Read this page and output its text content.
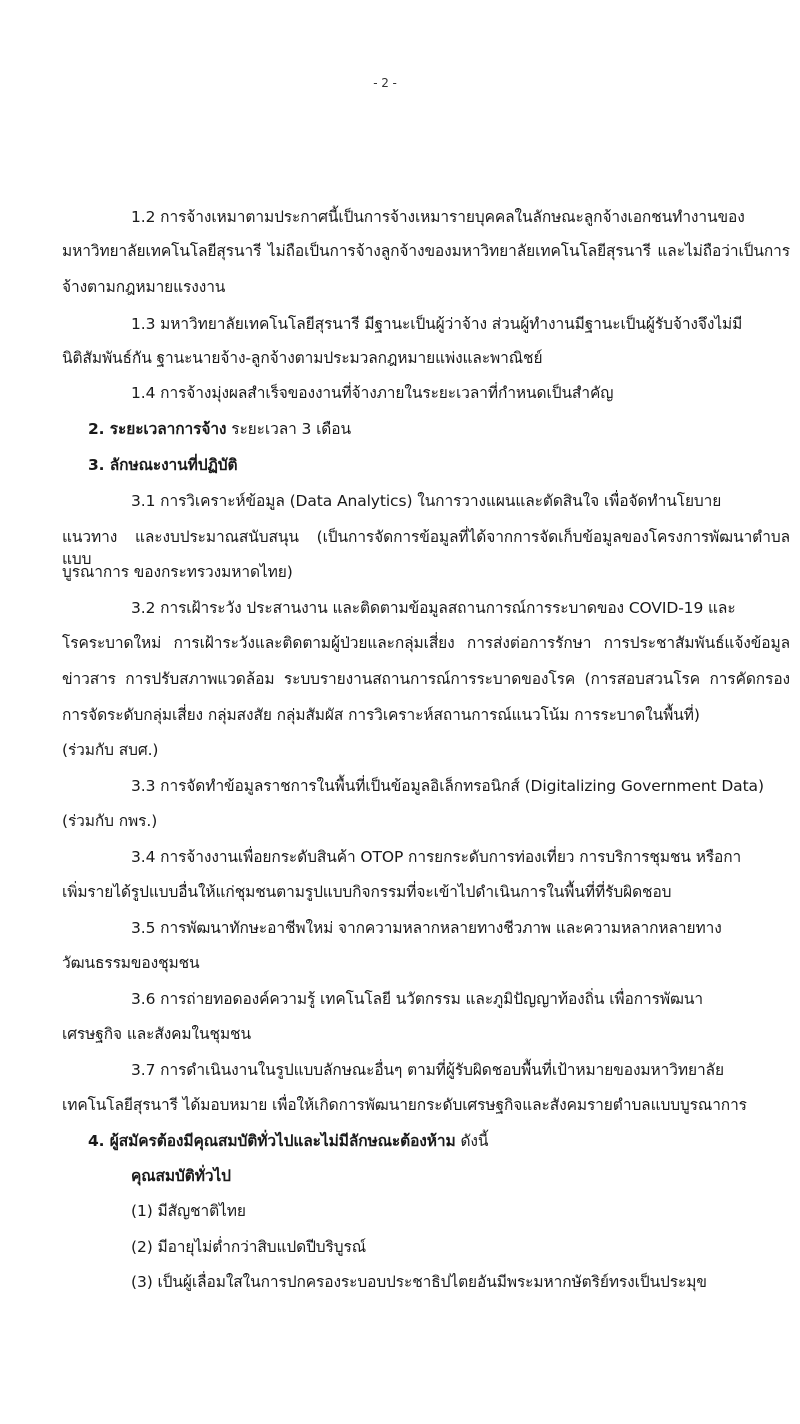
- 2 -
1.2 การจ้างเหมาตามประกาศนี้เป็นการจ้างเหมารายบุคคลในลักษณะลูกจ้างเอกชนทำงานของ
มหาวิทยาลัยเทคโนโลยีสุรนารี ไม่ถือเป็นการจ้างลูกจ้างของมหาวิทยาลัยเทคโนโลยีสุรนารี และไม่ถือว่าเป็นการ
จ้างตามกฎหมายแรงงาน
1.3 มหาวิทยาลัยเทคโนโลยีสุรนารี มีฐานะเป็นผู้ว่าจ้าง ส่วนผู้ทำงานมีฐานะเป็นผู้รับจ้างจึงไม่มี
นิติสัมพันธ์กัน ฐานะนายจ้าง-ลูกจ้างตามประมวลกฎหมายแพ่งและพาณิชย์
1.4 การจ้างมุ่งผลสำเร็จของงานที่จ้างภายในระยะเวลาที่กำหนดเป็นสำคัญ
2. ระยะเวลาการจ้าง ระยะเวลา 3 เดือน
3. ลักษณะงานที่ปฏิบัติ
3.1 การวิเคราะห์ข้อมูล (Data Analytics) ในการวางแผนและตัดสินใจ เพื่อจัดทำนโยบาย
แนวทาง และงบประมาณสนับสนุน (เป็นการจัดการข้อมูลที่ได้จากการจัดเก็บข้อมูลของโครงการพัฒนาตำบลแบบ
บูรณาการ ของกระทรวงมหาดไทย)
3.2 การเฝ้าระวัง ประสานงาน และติดตามข้อมูลสถานการณ์การระบาดของ COVID-19 และ
โรคระบาดใหม่ การเฝ้าระวังและติดตามผู้ป่วยและกลุ่มเสี่ยง การส่งต่อการรักษา การประชาสัมพันธ์แจ้งข้อมูล
ข่าวสาร การปรับสภาพแวดล้อม ระบบรายงานสถานการณ์การระบาดของโรค (การสอบสวนโรค การคัดกรอง
การจัดระดับกลุ่มเสี่ยง กลุ่มสงสัย กลุ่มสัมผัส การวิเคราะห์สถานการณ์แนวโน้ม การระบาดในพื้นที่)
(ร่วมกับ สบศ.)
3.3 การจัดทำข้อมูลราชการในพื้นที่เป็นข้อมูลอิเล็กทรอนิกส์ (Digitalizing Government Data)
(ร่วมกับ กพร.)
3.4 การจ้างงานเพื่อยกระดับสินค้า OTOP การยกระดับการท่องเที่ยว การบริการชุมชน หรือกา
เพิ่มรายได้รูปแบบอื่นให้แก่ชุมชนตามรูปแบบกิจกรรมที่จะเข้าไปดำเนินการในพื้นที่ที่รับผิดชอบ
3.5 การพัฒนาทักษะอาชีพใหม่ จากความหลากหลายทางชีวภาพ และความหลากหลายทาง
วัฒนธรรมของชุมชน
3.6 การถ่ายทอดองค์ความรู้ เทคโนโลยี นวัตกรรม และภูมิปัญญาท้องถิ่น เพื่อการพัฒนา
เศรษฐกิจ และสังคมในชุมชน
3.7 การดำเนินงานในรูปแบบลักษณะอื่นๆ ตามที่ผู้รับผิดชอบพื้นที่เป้าหมายของมหาวิทยาลัย
เทคโนโลยีสุรนารี ได้มอบหมาย เพื่อให้เกิดการพัฒนายกระดับเศรษฐกิจและสังคมรายตำบลแบบบูรณาการ
4. ผู้สมัครต้องมีคุณสมบัติทั่วไปและไม่มีลักษณะต้องห้าม ดังนี้
คุณสมบัติทั่วไป
(1) มีสัญชาติไทย
(2) มีอายุไม่ต่ำกว่าสิบแปดปีบริบูรณ์
(3) เป็นผู้เลื่อมใสในการปกครองระบอบประชาธิปไตยอันมีพระมหากษัตริย์ทรงเป็นประมุข
